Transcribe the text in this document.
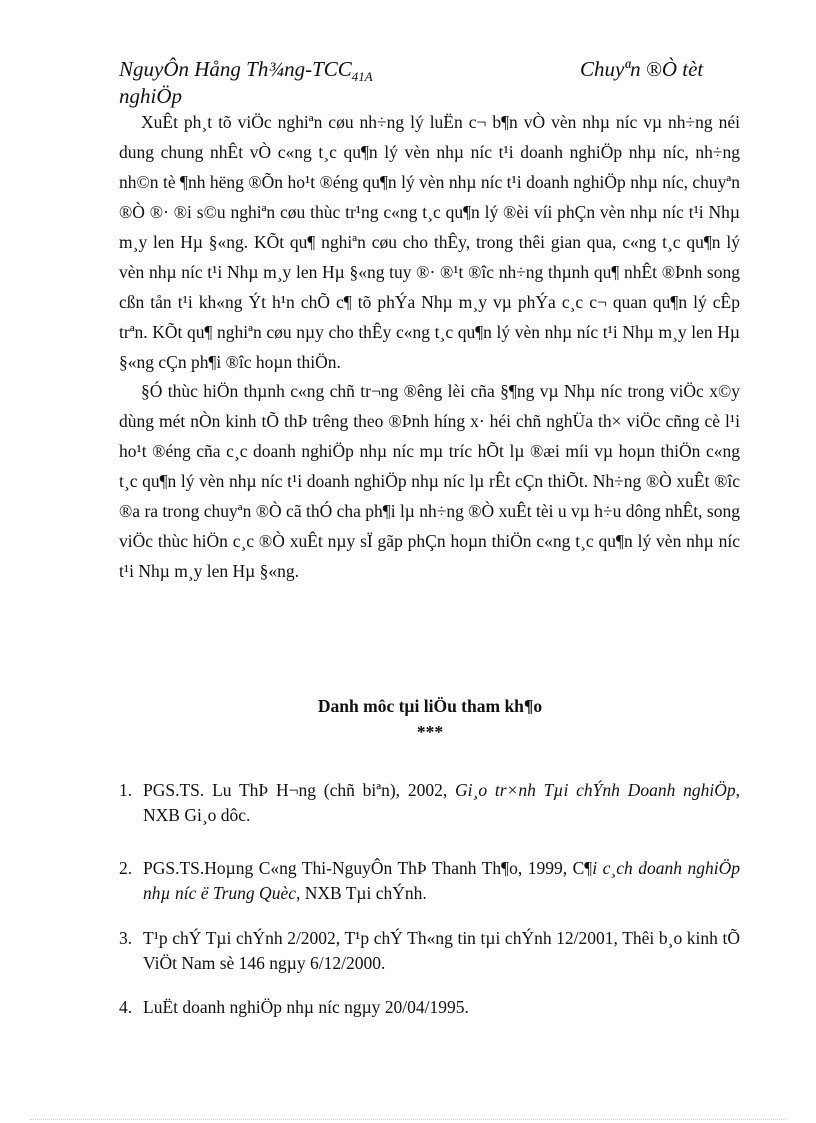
NguyÔn Hång Th¾ng-$TCC_{41A}$	Chuyªn ®Ò tèt
nghiÖp

XuÊt ph¸t tõ viÖc nghiªn cøu nh÷ng lý luËn c¬ b¶n vÒ vèn nhµ níc vµ nh÷ng néi dung chung nhÊt vÒ c«ng t¸c qu¶n lý vèn nhµ níc t¹i doanh nghiÖp nhµ níc, nh÷ng nh©n tè ¶nh hëng ®Õn ho¹t ®éng qu¶n lý vèn nhµ níc t¹i doanh nghiÖp nhµ níc, chuyªn ®Ò ®· ®i s©u nghiªn cøu thùc tr¹ng c«ng t¸c qu¶n lý ®èi víi phÇn vèn nhµ níc t¹i Nhµ m¸y len Hµ §«ng. KÕt qu¶ nghiªn cøu cho thÊy, trong thêi gian qua, c«ng t¸c qu¶n lý vèn nhµ níc t¹i Nhµ m¸y len Hµ §«ng tuy ®· ®¹t ®îc nh÷ng thµnh qu¶ nhÊt ®Þnh song cßn tån t¹i kh«ng Ýt h¹n chÕ c¶ tõ phÝa Nhµ m¸y vµ phÝa c¸c c¬ quan qu¶n lý cÊp trªn. KÕt qu¶ nghiªn cøu nµy cho thÊy c«ng t¸c qu¶n lý vèn nhµ níc t¹i Nhµ m¸y len Hµ §«ng cÇn ph¶i ®îc hoµn thiÖn.

§Ó thùc hiÖn thµnh c«ng chñ tr¬ng ®êng lèi cña §¶ng vµ Nhµ níc trong viÖc x©y dùng mét nÒn kinh tÕ thÞ trêng theo ®Þnh híng x· héi chñ nghÜa th× viÖc cñng cè l¹i ho¹t ®éng cña c¸c doanh nghiÖp nhµ níc mµ tríc hÕt lµ ®æi míi vµ hoµn thiÖn c«ng t¸c qu¶n lý vèn nhµ níc t¹i doanh nghiÖp nhµ níc lµ rÊt cÇn thiÕt. Nh÷ng ®Ò xuÊt ®îc ®a ra trong chuyªn ®Ò cã thÓ cha ph¶i lµ nh÷ng ®Ò xuÊt tèi u vµ h÷u dông nhÊt, song viÖc thùc hiÖn c¸c ®Ò xuÊt nµy sÏ gãp phÇn hoµn thiÖn c«ng t¸c qu¶n lý vèn nhµ níc t¹i Nhµ m¸y len Hµ §«ng.

Danh môc tµi liÖu tham kh¶o
***
1. PGS.TS. Lu ThÞ H¬ng (chñ biªn), 2002, Gi¸o tr×nh Tµi chÝnh Doanh nghiÖp, NXB Gi¸o dôc.
2. PGS.TS.Hoµng C«ng Thi-NguyÔn ThÞ Thanh Th¶o, 1999, C¶i c¸ch doanh nghiÖp nhµ níc ë Trung Quèc, NXB Tµi chÝnh.
3. T¹p chÝ Tµi chÝnh 2/2002, T¹p chÝ Th«ng tin tµi chÝnh 12/2001, Thêi b¸o kinh tÕ ViÖt Nam sè 146 ngµy 6/12/2000.
4. LuËt doanh nghiÖp nhµ níc ngµy 20/04/1995.
